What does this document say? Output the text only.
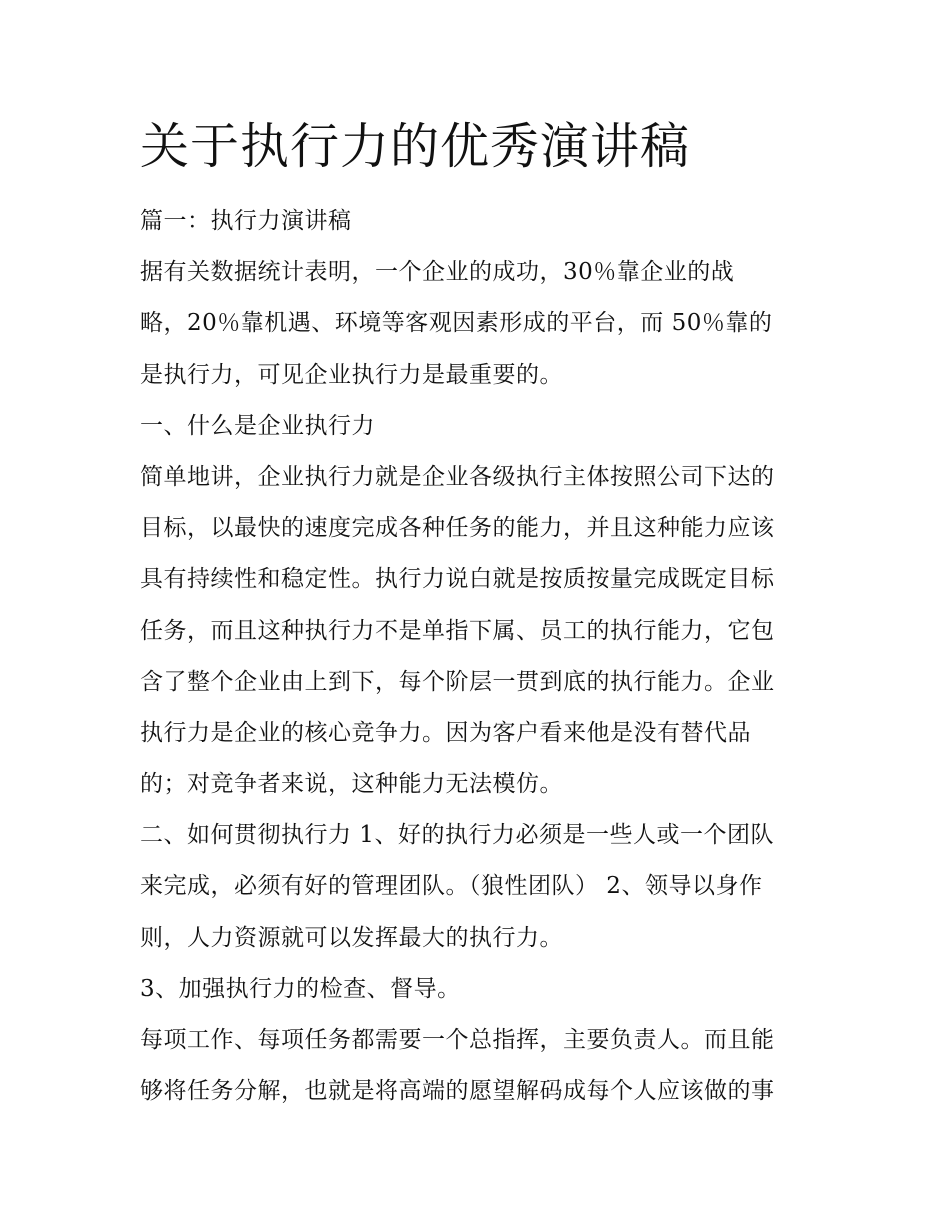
关于执行力的优秀演讲稿
篇一：执行力演讲稿
据有关数据统计表明，一个企业的成功，30％靠企业的战
略，20％靠机遇、环境等客观因素形成的平台，而 50％靠的
是执行力，可见企业执行力是最重要的。
一、什么是企业执行力
简单地讲，企业执行力就是企业各级执行主体按照公司下达的
目标，以最快的速度完成各种任务的能力，并且这种能力应该
具有持续性和稳定性。执行力说白就是按质按量完成既定目标
任务，而且这种执行力不是单指下属、员工的执行能力，它包
含了整个企业由上到下，每个阶层一贯到底的执行能力。企业
执行力是企业的核心竞争力。因为客户看来他是没有替代品
的；对竞争者来说，这种能力无法模仿。
二、如何贯彻执行力 1、好的执行力必须是一些人或一个团队
来完成，必须有好的管理团队。（狼性团队） 2、领导以身作
则，人力资源就可以发挥最大的执行力。
3、加强执行力的检查、督导。
每项工作、每项任务都需要一个总指挥，主要负责人。而且能
够将任务分解，也就是将高端的愿望解码成每个人应该做的事
